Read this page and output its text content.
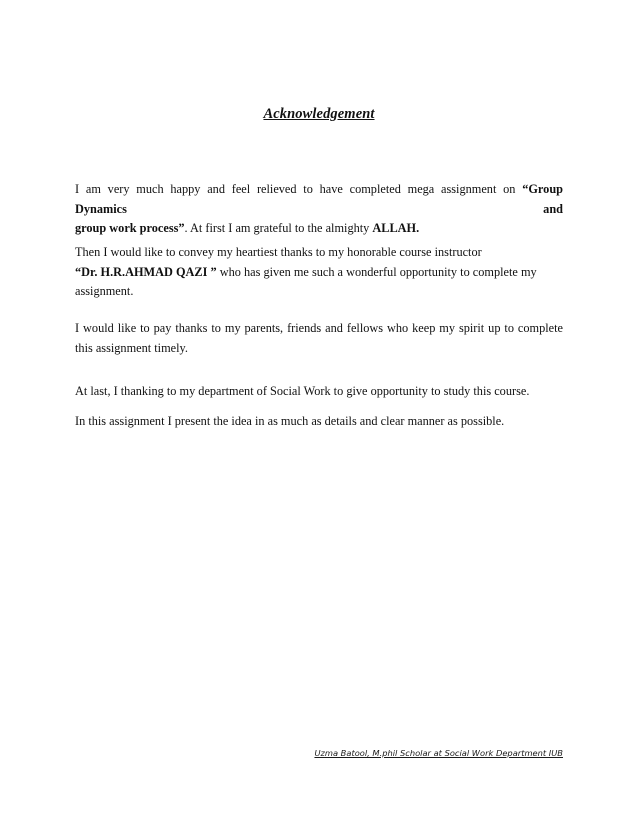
Acknowledgement

I am very much happy and feel relieved to have completed mega assignment on “Group Dynamics and
group work process”. At first I am grateful to the almighty ALLAH.

Then I would like to convey my heartiest thanks to my honorable course instructor
“Dr. H.R.AHMAD QAZI ” who has given me such a wonderful opportunity to complete my
assignment.

I would like to pay thanks to my parents, friends and fellows who keep my spirit up to complete this assignment timely.

At last, I thanking to my department of Social Work to give opportunity to study this course.

In this assignment I present the idea in as much as details and clear manner as possible.

Uzma Batool, M.phil Scholar at Social Work Department IUB
